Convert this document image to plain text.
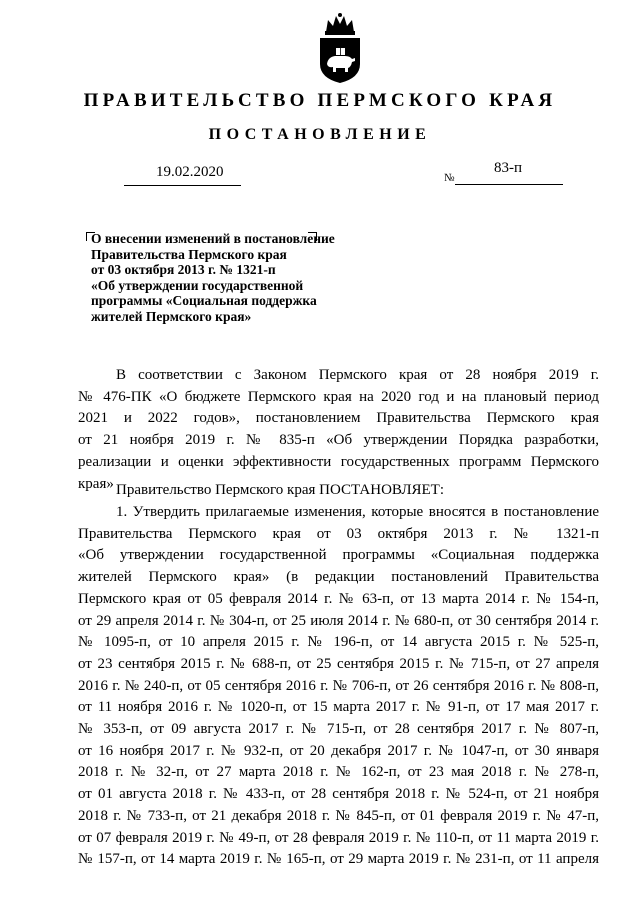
ПРАВИТЕЛЬСТВО ПЕРМСКОГО КРАЯ
ПОСТАНОВЛЕНИЕ
19.02.2020	№
83-п
О внесении изменений в постановление
Правительства Пермского края
от 03 октября 2013 г. № 1321-п
«Об утверждении государственной
программы «Социальная поддержка
жителей Пермского края»
В соответствии с Законом Пермского края от 28 ноября 2019 г.
№ 476-ПК «О бюджете Пермского края на 2020 год и на плановый период
2021 и 2022 годов», постановлением Правительства Пермского края
от 21 ноября 2019 г. № 835-п «Об утверждении Порядка разработки,
реализации и оценки эффективности государственных программ Пермского
края» Правительство Пермского края ПОСТАНОВЛЯЕТ:
1. Утвердить прилагаемые изменения, которые вносятся в постановление
Правительства Пермского края от 03 октября 2013 г. № 1321-п
«Об утверждении государственной программы «Социальная поддержка
жителей Пермского края» (в редакции постановлений Правительства
Пермского края от 05 февраля 2014 г. № 63-п, от 13 марта 2014 г. № 154-п,
от 29 апреля 2014 г. № 304-п, от 25 июля 2014 г. № 680-п, от 30 сентября 2014 г.
№ 1095-п, от 10 апреля 2015 г. № 196-п, от 14 августа 2015 г. № 525-п,
от 23 сентября 2015 г. № 688-п, от 25 сентября 2015 г. № 715-п, от 27 апреля
2016 г. № 240-п, от 05 сентября 2016 г. № 706-п, от 26 сентября 2016 г. № 808-п,
от 11 ноября 2016 г. № 1020-п, от 15 марта 2017 г. № 91-п, от 17 мая 2017 г.
№ 353-п, от 09 августа 2017 г. № 715-п, от 28 сентября 2017 г. № 807-п,
от 16 ноября 2017 г. № 932-п, от 20 декабря 2017 г. № 1047-п, от 30 января
2018 г. № 32-п, от 27 марта 2018 г. № 162-п, от 23 мая 2018 г. № 278-п,
от 01 августа 2018 г. № 433-п, от 28 сентября 2018 г. № 524-п, от 21 ноября
2018 г. № 733-п, от 21 декабря 2018 г. № 845-п, от 01 февраля 2019 г. № 47-п,
от 07 февраля 2019 г. № 49-п, от 28 февраля 2019 г. № 110-п, от 11 марта 2019 г.
№ 157-п, от 14 марта 2019 г. № 165-п, от 29 марта 2019 г. № 231-п, от 11 апреля
